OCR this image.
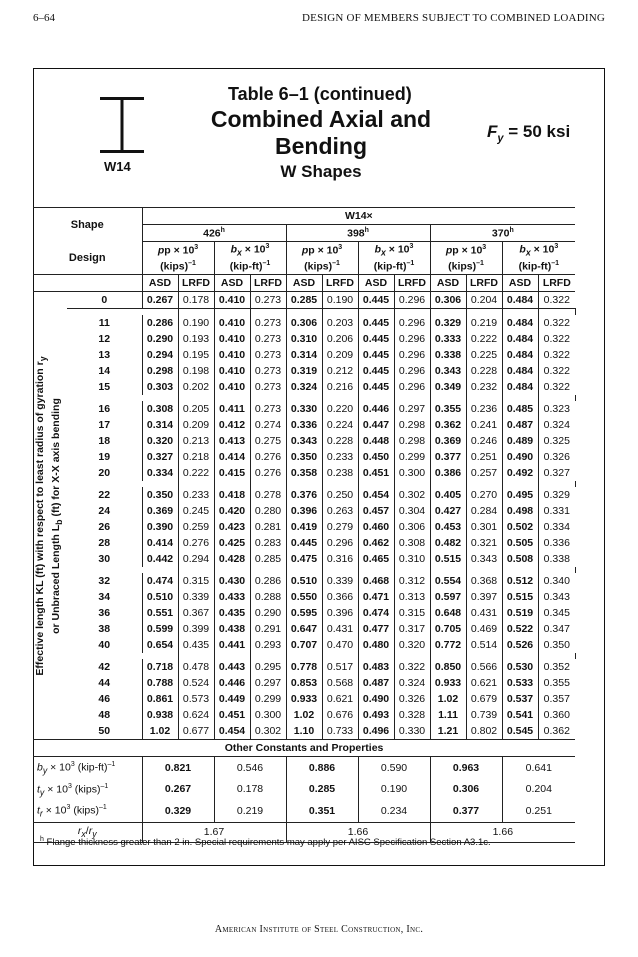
6–64	DESIGN OF MEMBERS SUBJECT TO COMBINED LOADING
W14
Table 6–1 (continued)
Combined Axial and Bending
W Shapes
$F_y = 50$ ksi
Shape		W14×												
		426$^h$				398$^h$				370$^h$
Design		pp × $10^3$		$b_x \times 10^3$		pp × $10^3$		$b_x \times 10^3$		pp × $10^3$		$b_x \times 10^3$
		(kips)$^{-1}$		$(kip-ft)^{-1}$		(kips)$^{-1}$		$(kip-ft)^{-1}$		(kips)$^{-1}$		$(kip-ft)^{-1}$
		ASD	LRFD	ASD	LRFD	ASD	LRFD	ASD	LRFD	ASD	LRFD	ASD	LRFD	

Effective length KL (ft) with respect to least radius of gyration $r_y$
or Unbraced Length $L_b$ (ft) for X-X axis bending	0	0.267	0.178	0.410	0.273	0.285	0.190	0.445	0.296	0.306	0.204	0.484	0.322	

	11	0.286	0.190	0.410	0.273	0.306	0.203	0.445	0.296	0.329	0.219	0.484	0.322	
	12	0.290	0.193	0.410	0.273	0.310	0.206	0.445	0.296	0.333	0.222	0.484	0.322	
	13	0.294	0.195	0.410	0.273	0.314	0.209	0.445	0.296	0.338	0.225	0.484	0.322	
	14	0.298	0.198	0.410	0.273	0.319	0.212	0.445	0.296	0.343	0.228	0.484	0.322	
	15	0.303	0.202	0.410	0.273	0.324	0.216	0.445	0.296	0.349	0.232	0.484	0.322	

	16	0.308	0.205	0.411	0.273	0.330	0.220	0.446	0.297	0.355	0.236	0.485	0.323	
	17	0.314	0.209	0.412	0.274	0.336	0.224	0.447	0.298	0.362	0.241	0.487	0.324	
	18	0.320	0.213	0.413	0.275	0.343	0.228	0.448	0.298	0.369	0.246	0.489	0.325	
	19	0.327	0.218	0.414	0.276	0.350	0.233	0.450	0.299	0.377	0.251	0.490	0.326	
	20	0.334	0.222	0.415	0.276	0.358	0.238	0.451	0.300	0.386	0.257	0.492	0.327	

	22	0.350	0.233	0.418	0.278	0.376	0.250	0.454	0.302	0.405	0.270	0.495	0.329	
	24	0.369	0.245	0.420	0.280	0.396	0.263	0.457	0.304	0.427	0.284	0.498	0.331	
	26	0.390	0.259	0.423	0.281	0.419	0.279	0.460	0.306	0.453	0.301	0.502	0.334	
	28	0.414	0.276	0.425	0.283	0.445	0.296	0.462	0.308	0.482	0.321	0.505	0.336	
	30	0.442	0.294	0.428	0.285	0.475	0.316	0.465	0.310	0.515	0.343	0.508	0.338	

	32	0.474	0.315	0.430	0.286	0.510	0.339	0.468	0.312	0.554	0.368	0.512	0.340	
	34	0.510	0.339	0.433	0.288	0.550	0.366	0.471	0.313	0.597	0.397	0.515	0.343	
	36	0.551	0.367	0.435	0.290	0.595	0.396	0.474	0.315	0.648	0.431	0.519	0.345	
	38	0.599	0.399	0.438	0.291	0.647	0.431	0.477	0.317	0.705	0.469	0.522	0.347	
	40	0.654	0.435	0.441	0.293	0.707	0.470	0.480	0.320	0.772	0.514	0.526	0.350	

	42	0.718	0.478	0.443	0.295	0.778	0.517	0.483	0.322	0.850	0.566	0.530	0.352	
	44	0.788	0.524	0.446	0.297	0.853	0.568	0.487	0.324	0.933	0.621	0.533	0.355	
	46	0.861	0.573	0.449	0.299	0.933	0.621	0.490	0.326	1.02	0.679	0.537	0.357	
	48	0.938	0.624	0.451	0.300	1.02	0.676	0.493	0.328	1.11	0.739	0.541	0.360	
	50	1.02	0.677	0.454	0.302	1.10	0.733	0.496	0.330	1.21	0.802	0.545	0.362	
Other Constants and Properties														
$b_y \times 10^3$ $(kip-ft)^{-1}$		0.821		0.546		0.886		0.590		0.963		0.641		
$t_y \times 10^3$ (kips)$^{-1}$		0.267		0.178		0.285		0.190		0.306		0.204		
$t_r \times 10^3$ (kips)$^{-1}$		0.329		0.219		0.351		0.234		0.377		0.251		
$r_x/r_y$		1.67				1.66				1.66				
$^h$ Flange thickness greater than 2 in. Special requirements may apply per AISC Specification Section A3.1c.
American Institute of Steel Construction, Inc.
